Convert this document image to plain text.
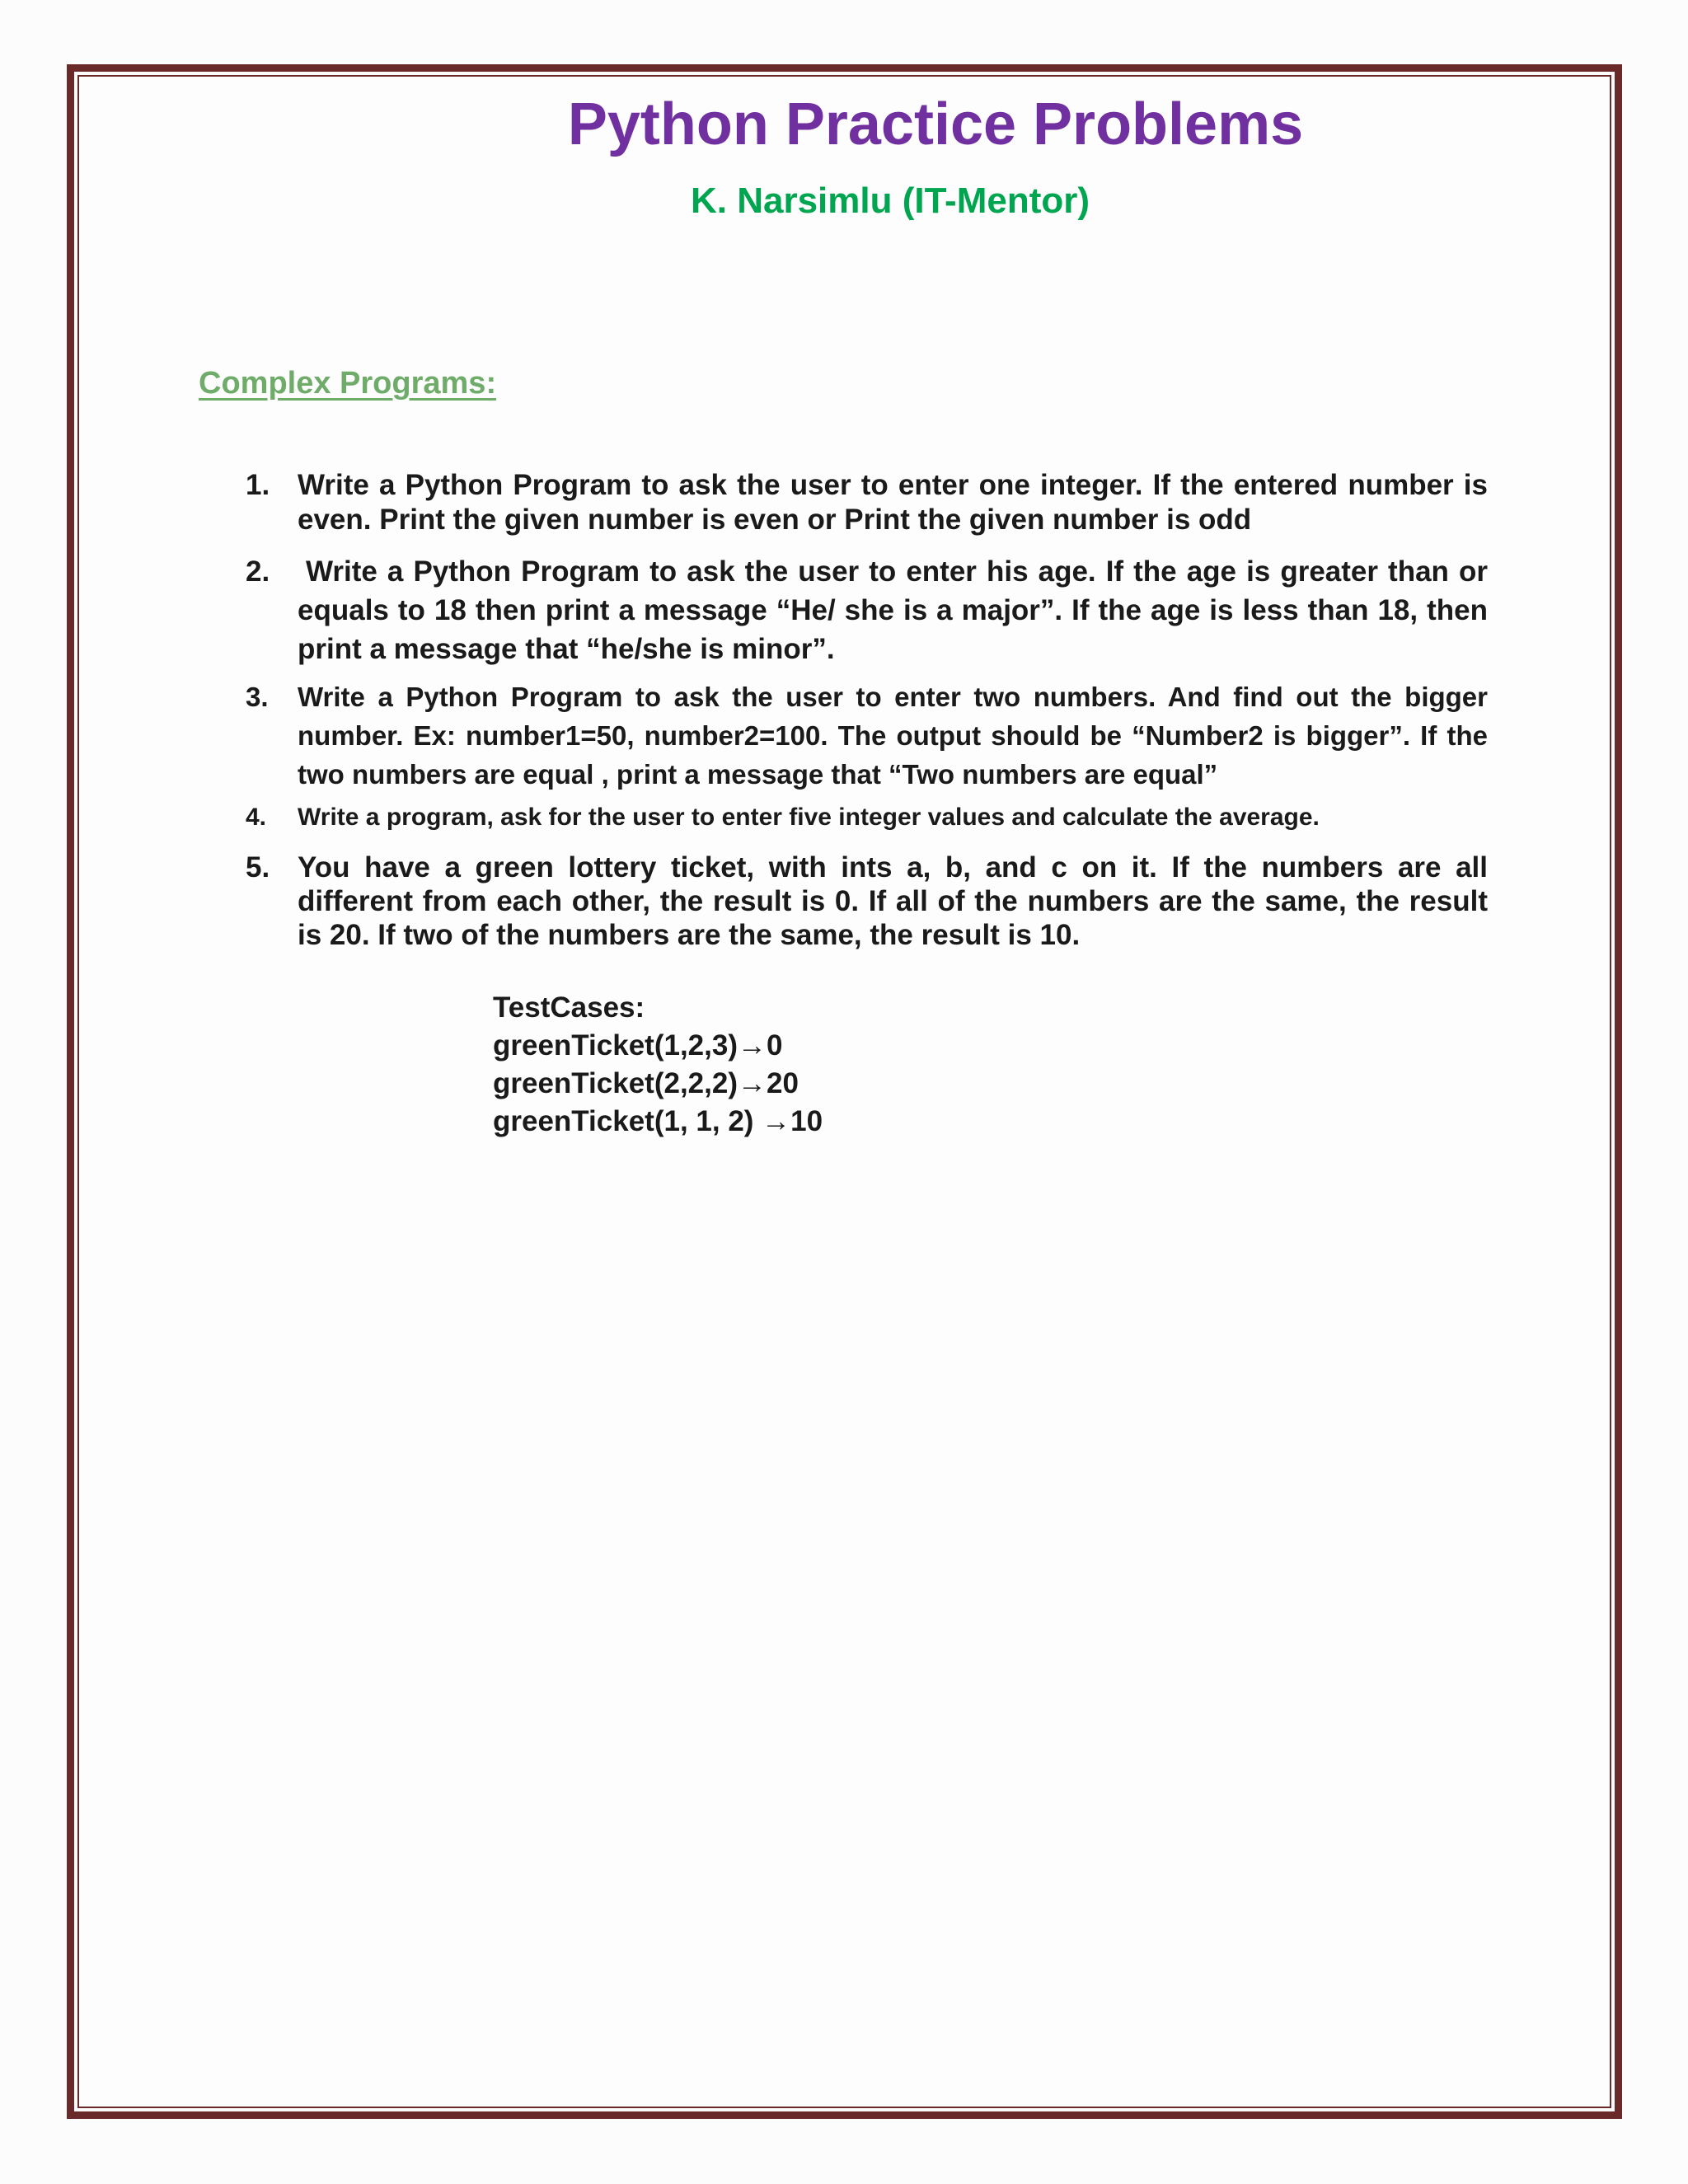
Python Practice Problems
K. Narsimlu (IT-Mentor)
Complex Programs:
1. Write a Python Program to ask the user to enter one integer. If the entered number is even. Print the given number is even or Print the given number is odd
2.	Write a Python Program to ask the user to enter his age. If the age is greater than or equals to 18 then print a message “He/ she is a major”. If the age is less than 18, then print a message that “he/she is minor”.
3.	Write a Python Program to ask the user to enter two numbers. And find out the bigger number. Ex: number1=50, number2=100. The output should be “Number2 is bigger”. If the two numbers are equal , print a message that “Two numbers are equal”
4.	Write a program, ask for the user to enter five integer values and calculate the average.
5. You have a green lottery ticket, with ints a, b, and c on it. If the numbers are all different from each other, the result is 0. If all of the numbers are the same, the result is 20. If two of the numbers are the same, the result is 10.
TestCases:
greenTicket(1,2,3)→0
greenTicket(2,2,2)→20
greenTicket(1, 1, 2) →10
